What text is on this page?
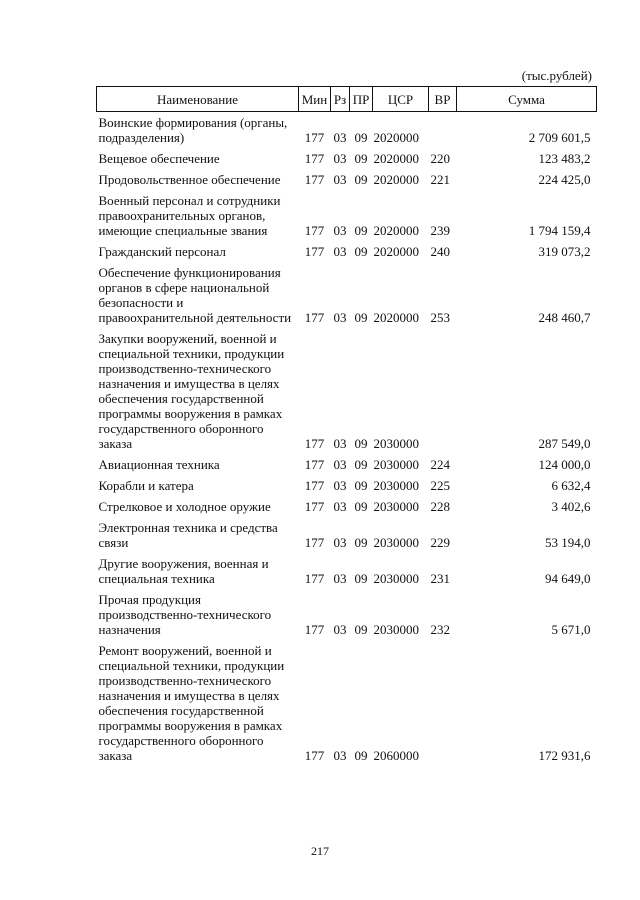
(тыс.рублей)
Наименование	Мин	Рз	ПР	ЦСР	ВР	Сумма
Воинские формирования (органы, подразделения)	177	03	09	2020000		2 709 601,5
Вещевое обеспечение	177	03	09	2020000	220	123 483,2
Продовольственное обеспечение	177	03	09	2020000	221	224 425,0
Военный персонал и сотрудники правоохранительных органов, имеющие специальные звания	177	03	09	2020000	239	1 794 159,4
Гражданский персонал	177	03	09	2020000	240	319 073,2
Обеспечение функционирования органов в сфере национальной безопасности и правоохранительной деятельности	177	03	09	2020000	253	248 460,7
Закупки вооружений, военной и специальной техники, продукции производственно-технического назначения и имущества в целях обеспечения государственной программы вооружения в рамках государственного оборонного заказа	177	03	09	2030000		287 549,0
Авиационная техника	177	03	09	2030000	224	124 000,0
Корабли и катера	177	03	09	2030000	225	6 632,4
Стрелковое и холодное оружие	177	03	09	2030000	228	3 402,6
Электронная техника и средства связи	177	03	09	2030000	229	53 194,0
Другие вооружения, военная и специальная техника	177	03	09	2030000	231	94 649,0
Прочая продукция производственно-технического назначения	177	03	09	2030000	232	5 671,0
Ремонт вооружений, военной и специальной техники, продукции производственно-технического назначения и имущества в целях обеспечения государственной программы вооружения в рамках государственного оборонного заказа	177	03	09	2060000		172 931,6
217
